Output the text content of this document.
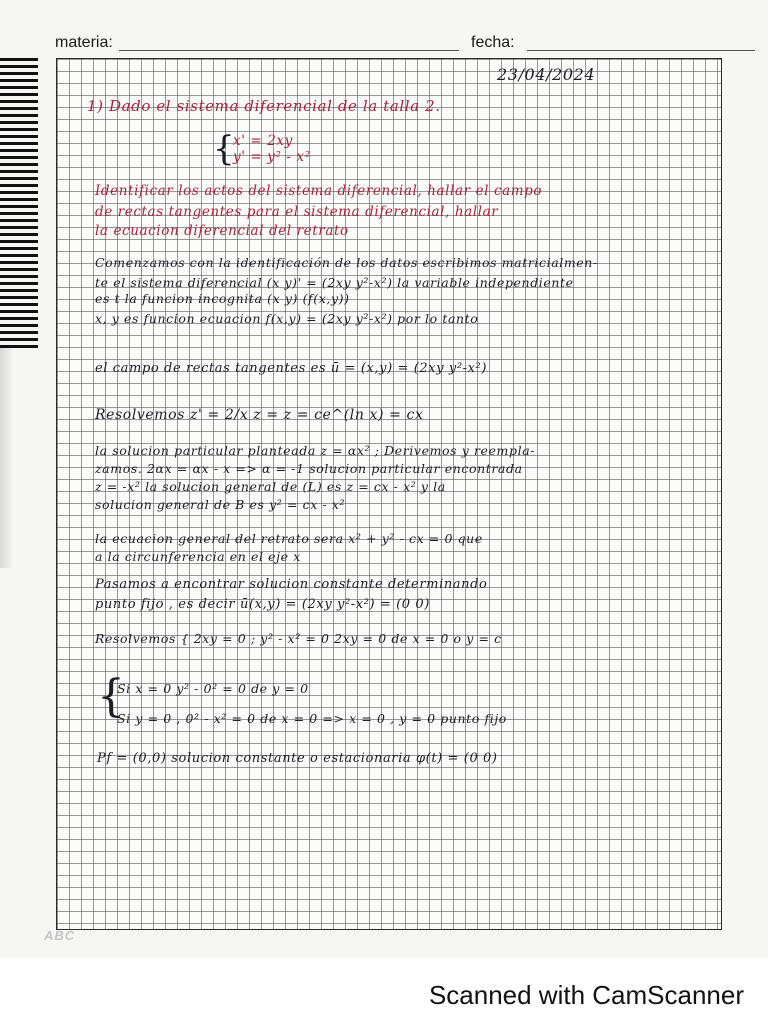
materia:	fecha:
23/04/2024
1) Dado el sistema diferencial de la talla 2.
{
x' = 2xy
y' = y² - x²
Identificar los actos del sistema diferencial, hallar el campo
de rectas tangentes para el sistema diferencial, hallar
la ecuacion diferencial del retrato
Comenzamos con la identificación de los datos escribimos matricialmen-
te el sistema diferencial (x y)' = (2xy y²-x²) la variable independiente
es t la funcion incognita (x y) (f(x,y))
x, y es funcion ecuacion f(x,y) = (2xy y²-x²) por lo tanto
el campo de rectas tangentes es ū = (x,y) = (2xy y²-x²)
Resolvemos z' = 2/x z = z = ce^(ln x) = cx
la solucion particular planteada z = αx² ; Derivemos y reempla-
zamos. 2αx = αx - x => α = -1 solucion particular encontrada
z = -x² la solucion general de (L) es z = cx - x² y la
solucion general de B es y² = cx - x²
la ecuacion general del retrato sera x² + y² - cx = 0 que
a la circunferencia en el eje x
Pasamos a encontrar solucion constante determinando
punto fijo , es decir ū(x,y) = (2xy y²-x²) = (0 0)
Resolvemos { 2xy = 0 ; y² - x² = 0 2xy = 0 de x = 0 o y = c
{
Si x = 0 y² - 0² = 0 de y = 0
Si y = 0 , 0² - x² = 0 de x = 0 => x = 0 , y = 0 punto fijo
Pf = (0,0) solucion constante o estacionaria φ(t) = (0 0)
ABC
Scanned with CamScanner
